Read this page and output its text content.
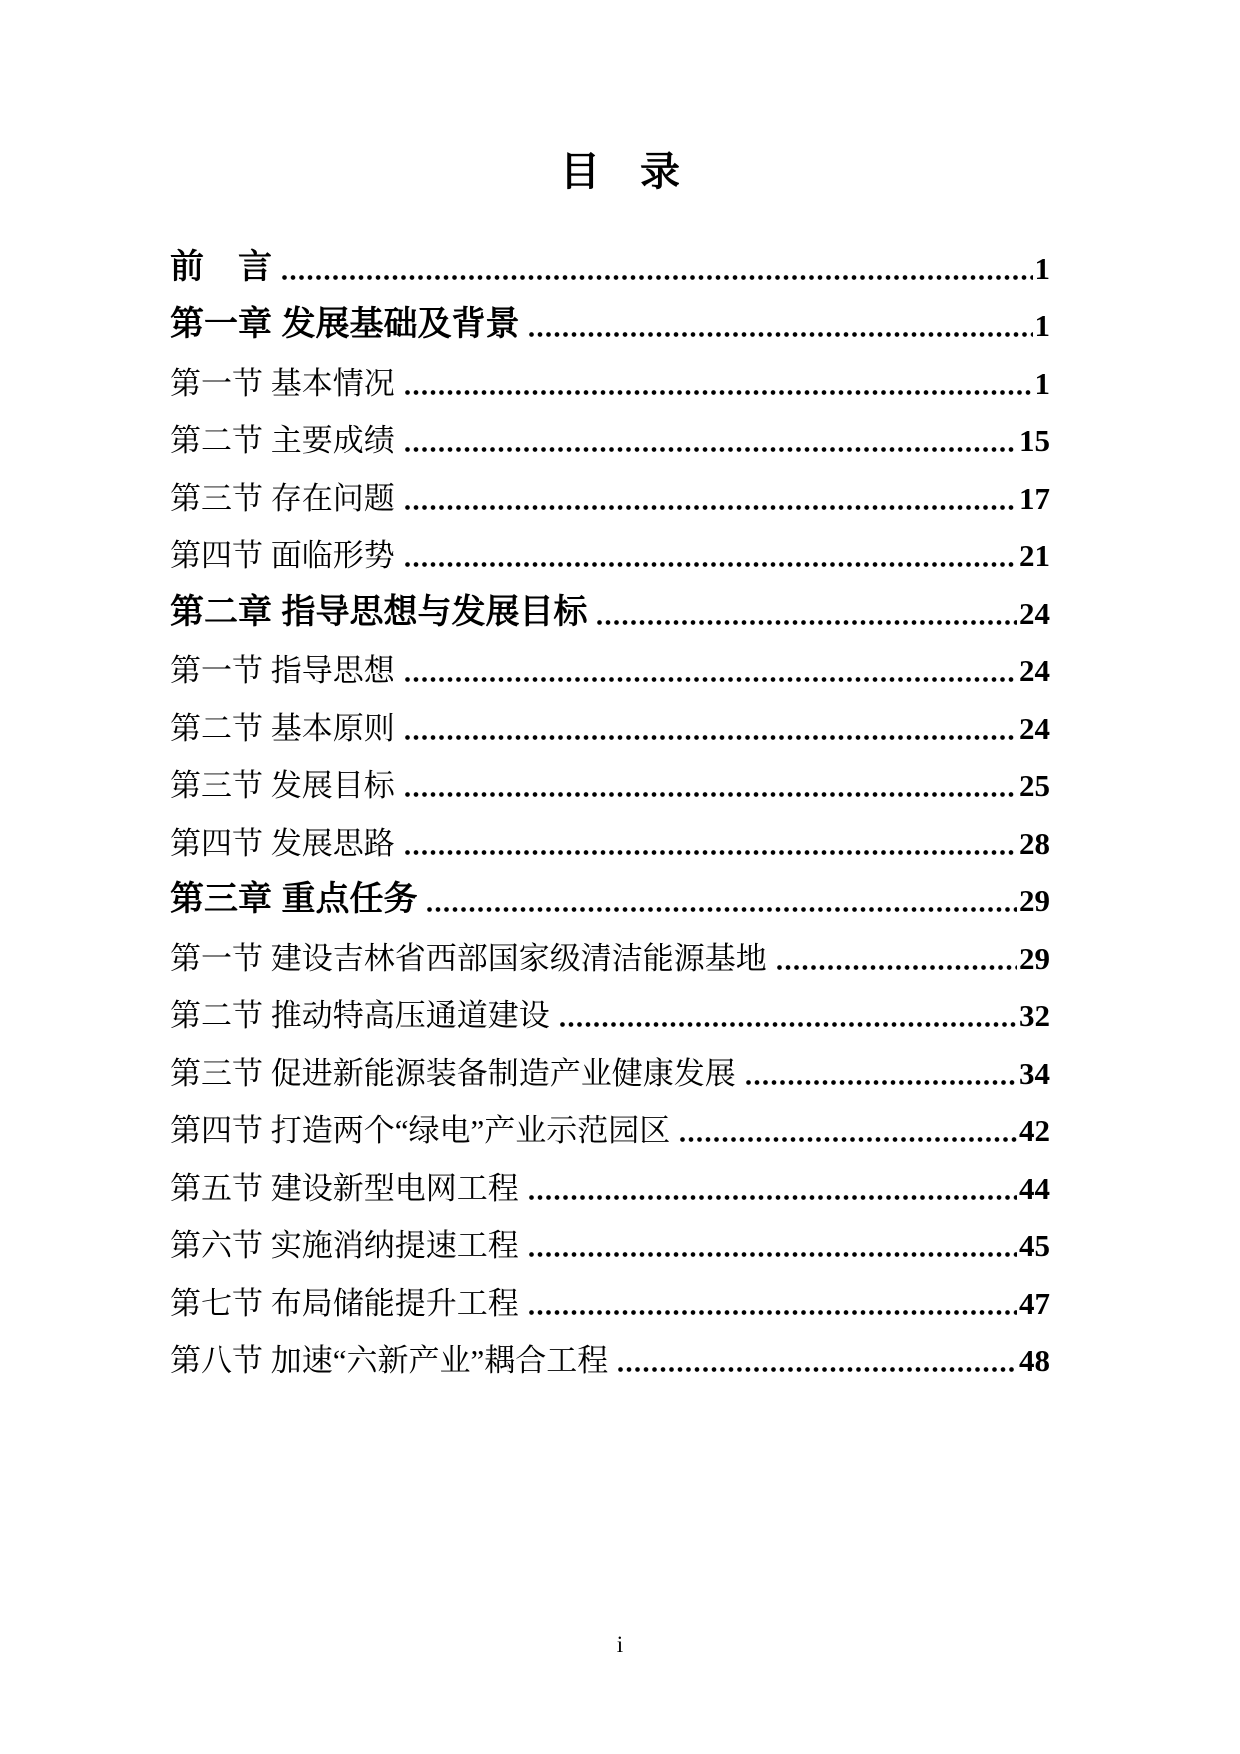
目　录
前　言	1
第一章 发展基础及背景	1
第一节 基本情况	1
第二节 主要成绩	15
第三节 存在问题	17
第四节 面临形势	21
第二章 指导思想与发展目标	24
第一节 指导思想	24
第二节 基本原则	24
第三节 发展目标	25
第四节 发展思路	28
第三章 重点任务	29
第一节 建设吉林省西部国家级清洁能源基地	29
第二节 推动特高压通道建设	32
第三节 促进新能源装备制造产业健康发展	34
第四节 打造两个“绿电”产业示范园区	42
第五节 建设新型电网工程	44
第六节 实施消纳提速工程	45
第七节 布局储能提升工程	47
第八节 加速“六新产业”耦合工程	48
i
